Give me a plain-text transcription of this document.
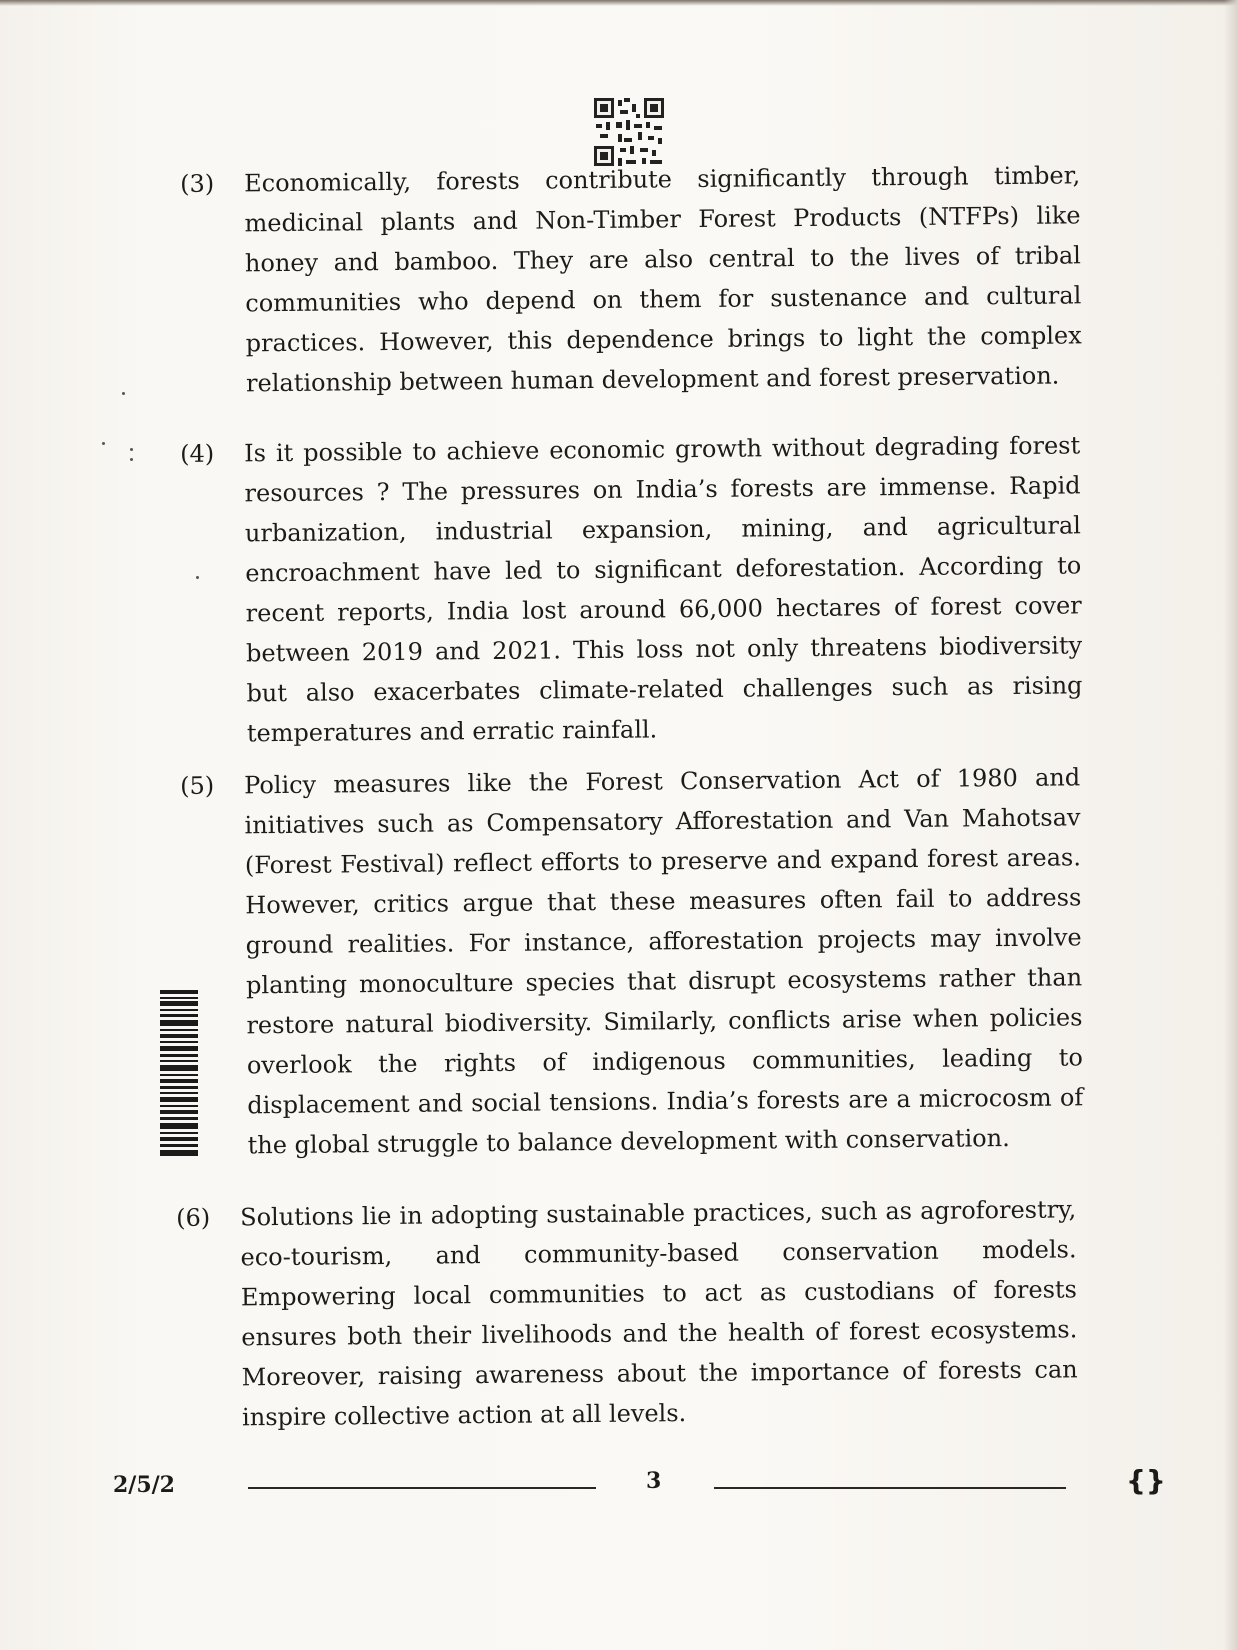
(3)	Economically, forests contribute significantly through timber, medicinal plants and Non-Timber Forest Products (NTFPs) like honey and bamboo. They are also central to the lives of tribal communities who depend on them for sustenance and cultural practices. However, this dependence brings to light the complex relationship between human development and forest preservation.
(4)	Is it possible to achieve economic growth without degrading forest resources ? The pressures on India’s forests are immense. Rapid urbanization, industrial expansion, mining, and agricultural encroachment have led to significant deforestation. According to recent reports, India lost around 66,000 hectares of forest cover between 2019 and 2021. This loss not only threatens biodiversity but also exacerbates climate-related challenges such as rising temperatures and erratic rainfall.
(5)	Policy measures like the Forest Conservation Act of 1980 and initiatives such as Compensatory Afforestation and Van Mahotsav (Forest Festival) reflect efforts to preserve and expand forest areas. However, critics argue that these measures often fail to address ground realities. For instance, afforestation projects may involve planting monoculture species that disrupt ecosystems rather than restore natural biodiversity. Similarly, conflicts arise when policies overlook the rights of indigenous communities, leading to displacement and social tensions. India’s forests are a microcosm of the global struggle to balance development with conservation.
(6)	Solutions lie in adopting sustainable practices, such as agroforestry, eco-tourism, and community-based conservation models. Empowering local communities to act as custodians of forests ensures both their livelihoods and the health of forest ecosystems. Moreover, raising awareness about the importance of forests can inspire collective action at all levels.
2/5/2	3	{}
